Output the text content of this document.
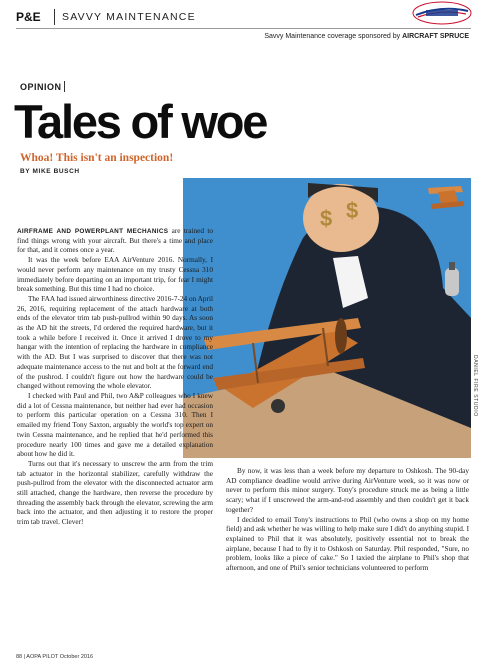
P&E SAVVY MAINTENANCE
Savvy Maintenance coverage sponsored by AIRCRAFT SPRUCE
OPINION
Tales of woe
Whoa! This isn't an inspection!
BY MIKE BUSCH
$ $
DANIEL FIRE STUDIO

AIRFRAME AND POWERPLANT MECHANICS are trained to find things wrong with your aircraft. But there's a time and place for that, and it comes once a year.

It was the week before EAA AirVenture 2016. Normally, I would never perform any maintenance on my trusty Cessna 310 immediately before departing on an important trip, for fear I might break something. But this time I had no choice.

The FAA had issued airworthiness directive 2016-7-24 on April 26, 2016, requiring replacement of the attach hardware at both ends of the elevator trim tab push-pullrod within 90 days. As soon as the AD hit the streets, I'd ordered the required hardware, but it took a while before I received it. Once it arrived I drove to my hangar with the intention of replacing the hardware in compliance with the AD. But I was surprised to discover that there was not adequate maintenance access to the nut and bolt at the forward end of the pushrod. I couldn't figure out how the hardware could be changed without removing the whole elevator.

I checked with Paul and Phil, two A&P colleagues who I knew did a lot of Cessna maintenance, but neither had ever had occasion to perform this particular operation on a Cessna 310. Then I emailed my friend Tony Saxton, arguably the world's top expert on twin Cessna maintenance, and he replied that he'd performed this procedure nearly 100 times and gave me a detailed explanation about how he did it.

Turns out that it's necessary to unscrew the arm from the trim tab actuator in the horizontal stabilizer, carefully withdraw the push-pullrod from the elevator with the disconnected actuator arm still attached, change the hardware, then reverse the procedure by threading the assembly back through the elevator, screwing the arm back into the actuator, and then adjusting it to restore the proper trim tab travel. Clever!

By now, it was less than a week before my departure to Oshkosh. The 90-day AD compliance deadline would arrive during AirVenture week, so it was now or never to perform this minor surgery. Tony's procedure struck me as being a little scary; what if I unscrewed the arm-and-rod assembly and then couldn't get it back together?

I decided to email Tony's instructions to Phil (who owns a shop on my home field) and ask whether he was willing to help make sure I did't do anything stupid. I explained to Phil that it was absolutely, positively essential not to break the airplane, because I had to fly it to Oshkosh on Saturday. Phil responded, "Sure, no problem, looks like a piece of cake." So I taxied the airplane to Phil's shop that afternoon, and one of Phil's senior technicians volunteered to perform

88 | AOPA PILOT October 2016
